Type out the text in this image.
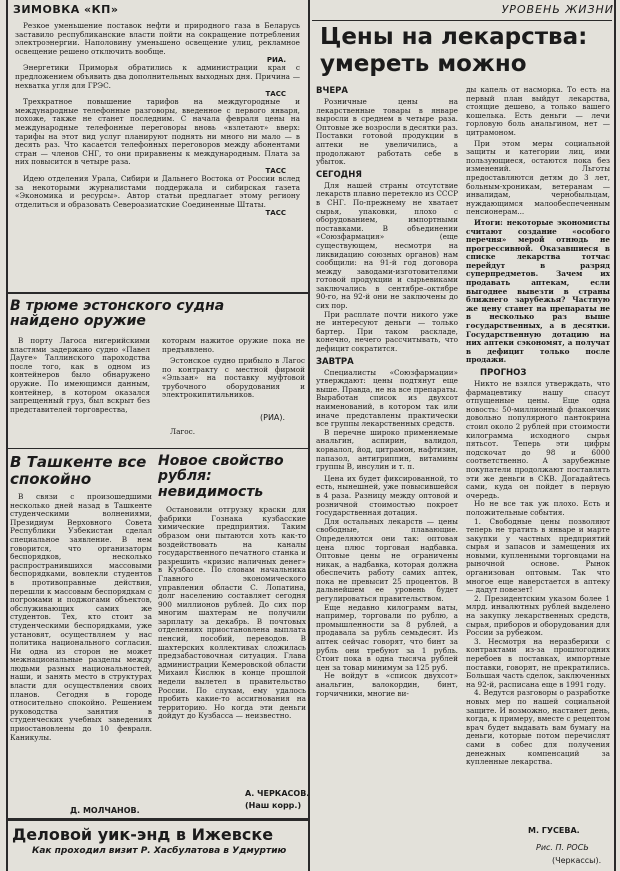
ЗИМОВКА «КП»
Резкое уменьшение поставок нефти и природного газа в Беларусь заставило республиканские власти пойти на сокращение потребления электроэнергии. Наполовину уменьшено освещение улиц, рекламное освещение решено отключить вообще.
РИА.
Энергетики Приморья обратились к администрации края с предложением объявить два дополнительных выходных дня. Причина — нехватка угля для ГРЭС.
ТАСС
Трехкратное повышение тарифов на междугородные и международные телефонные разговоры, введенное с первого января, похоже, также не станет последним. С начала февраля цены на международные телефонные переговоры вновь «взлетают» вверх: тарифы на этот вид услуг планируют поднять ни много ни мало — в десять раз. Что касается телефонных переговоров между абонентами стран — членов СНГ, то они приравнены к международным. Плата за них повысится в четыре раза.
ТАСС
Идею отделения Урала, Сибири и Дальнего Востока от России вслед за некоторыми журналистами поддержала и сибирская газета «Экономика и ресурсы». Автор статьи предлагает этому региону отделиться и образовать Североазиатские Соединенные Штаты.
ТАСС
В трюме эстонского судна найдено оружие
В порту Лагоса нигерийскими властями задержано судно «Павел Дауге» Таллинского пароходства после того, как в одном из контейнеров было обнаружено оружие. По имеющимся данным, контейнер, в котором оказался запрещенный груз, был вскрыт без представителей торговрества,
которым нажитое оружие пока не предъявлено.
Эстонское судно прибыло в Лагос по контракту с местной фирмой «Эльзан» на поставку муфтовой трубочного оборудования и электрокипятильников.
(РИА).
Лагос.
В Ташкенте все спокойно
В связи с произошедшими несколько дней назад в Ташкенте студенческими волнениями, Президиум Верховного Совета Республики Узбекистан сделал специальное заявление. В нем говорится, что организаторы беспорядков, несколько распространившихся массовыми беспорядками, вовлекли студентов в противоправные действия, перешли к массовым беспорядкам с погромами и поджогами объектов, обслуживающих самих же студентов. Тех, кто стоит за студенческими беспорядками, уже установят, осуществляем у нас политика национального согласия. Ни одна из сторон не может межнациональные разделы между людьми разных национальностей, наши, и занять место в структурах власти для осуществления своих планов. Сегодня в городе относительно спокойно. Решением руководства занятия в студенческих учебных заведениях приостановлены до 10 февраля. Каникулы.
Д. МОЛЧАНОВ.
Новое свойство рубля: невидимость
Остановили отгрузку краски для фабрики Гознака кузбасские химические предприятия. Таким образом они пытаются хоть как-то воздействовать на каналы государственного печатного станка и разрешить «кризис наличных денег» в Кузбассе. По словам начальника Главного экономического управления области С. Лопатина, долг населению составляет сегодня 900 миллионов рублей. До сих пор многим шахтерам не получили зарплату за декабрь. В почтовых отделениях приостановлена выплата пенсий, пособий, переводов. В шахтерских коллективах сложилась предзабастовочная ситуация. Глава администрации Кемеровской области Михаил Кислюк в конце прошлой недели вылетел в правительство России. По слухам, ему удалось пробить какие-то ассигнования на территорию. Но когда эти деньги дойдут до Кузбасса — неизвестно.
А. ЧЕРКАСОВ.
(Наш корр.)
Деловой уик-энд в Ижевске
Как проходил визит Р. Хасбулатова в Удмуртию
УРОВЕНЬ ЖИЗНИ
Цены на лекарства:
умереть можно
ВЧЕРА
Розничные цены на лекарственные товары в январе выросли в среднем в четыре раза. Оптовые же возросли в десятки раз. Поставки готовой продукции в аптеки не увеличились, а продолжают работать себе в убыток.
СЕГОДНЯ
Для нашей страны отсутствие лекарств плавно перетекло из СССР в СНГ. По-прежнему не хватает сырья, упаковки, плохо с оборудованием, импортными поставками. В объединении «Союзфармация» (еще существующем, несмотря на ликвидацию союзных органов) нам сообщили: на 91-й год договора между заводами-изготовителями готовой продукции и сырьевиками заключались в сентябре–октябре 90-го, на 92-й они не заключены до сих пор.
При расплате почти никого уже не интересуют деньги — только бартер. При таком раскладе, конечно, нечего рассчитывать, что дефицит сократится.
ЗАВТРА
Специалисты «Союзфармации» утверждают: цены подтянут еще выше. Правда, не на все препараты. Выработан список из двухсот наименований, в котором так или иначе представлены практически все группы лекарственных средств.
В перечне широко применяемые анальгин, аспирин, валидол, корвалол, йод, цитрамон, нафтизин, папазол, антигриппин, витамины группы В, инсулин и т. п.
Цена их будет фиксированной, то есть, нынешней, уже повысившейся в 4 раза. Разницу между оптовой и розничной стоимостью покроет государственная дотация.
Для остальных лекарств — цены свободные, плавающие. Определяются они так: оптовая цена плюс торговая надбавка. Оптовые цены не ограничены никак, а надбавка, которая должна обеспечить работу самих аптек, пока не превысит 25 процентов. В дальнейшем ее уровень будет регулироваться правительством.
Еще недавно килограмм ваты, например, торговали по рублю, а промышленности за 8 рублей, а продавала за рубль семьдесят. Из аптек сейчас говорят, что бинт за рубль они требуют за 1 рубль. Стоит пока в одна тысяча рублей цен за товар минимум за 125 руб.
Не войдут в «список двухсот» анальгин, валокордин, бинт, горчичники, многие ви-
ды капель от насморка. То есть на первый план выйдут лекарства, стоящие дешево, а только вашего кошелька. Есть деньги — лечи горловую боль анальгином, нет — цитрамоном.
При этом меры социальной защиты и категории лиц, ими пользующиеся, остаются пока без изменений. Льготы предоставляются детям до 3 лет, больным-хроникам, ветеранам — инвалидам, чернобыльцам, нуждающимся малообеспеченным пенсионерам...
Итоги: некоторые экономисты считают создание «особого перечня» мерой отнюдь не прогрессивной. Оказавшиеся в списке лекарства тотчас перейдут в разряд суперпредметов. Зачем их продавать аптекам, если выгоднее вывезти в страны ближнего зарубежья? Частную же цену станет на препараты не в несколько раз выше государственных, а в десятки. Государственную дотацию на них аптеки сэкономят, а получат в дефицит только после продажи.
ПРОГНОЗ
Никто не взялся утверждать, что фармацевтику нашу спасут отпущенные цены. Еще одна новость: 50-миллионный флакончик довольно популярного пантокрина стоил около 2 рублей при стоимости килограмма исходного сырья пятьсот. Теперь эти цифры подскочат до 98 и 6000 соответственно. А зарубежные покупатели продолжают поставлять эти же деньги в СКВ. Догадайтесь сами, куда он пойдет в первую очередь.
Но не все так уж плохо. Есть и положительные события.
1. Свободные цены позволяют теперь не тратить в январе и марте закупки у частных предприятий сырья и запасов и замещения их новыми, купленными торговцами на рыночной основе. Рынок организован оптовым. Так что многое еще наверстается в аптеку — дадут повезет!
2. Президентским указом более 1 млрд. инвалютных рублей выделено на закупку лекарственных средств, сырья, приборов и оборудования для России за рубежом.
3. Несмотря на неразберихи с контрактами из-за прошлогодних перебоев в поставках, импортные поставки, говорят, не прекратились. Большая часть сделок, заключенных на 92-й, расписана еще в 1991 году.
4. Ведутся разговоры о разработке новых мер по нашей социальной защите. И возможно, настанет день, когда, к примеру, вместе с рецептом врач будет выдавать вам бумагу на деньги, которые потом перечислят сами в собес для получения денежных компенсаций за купленные лекарства.
М. ГУСЕВА.
Рис. П. РОСЬ
(Черкассы).
